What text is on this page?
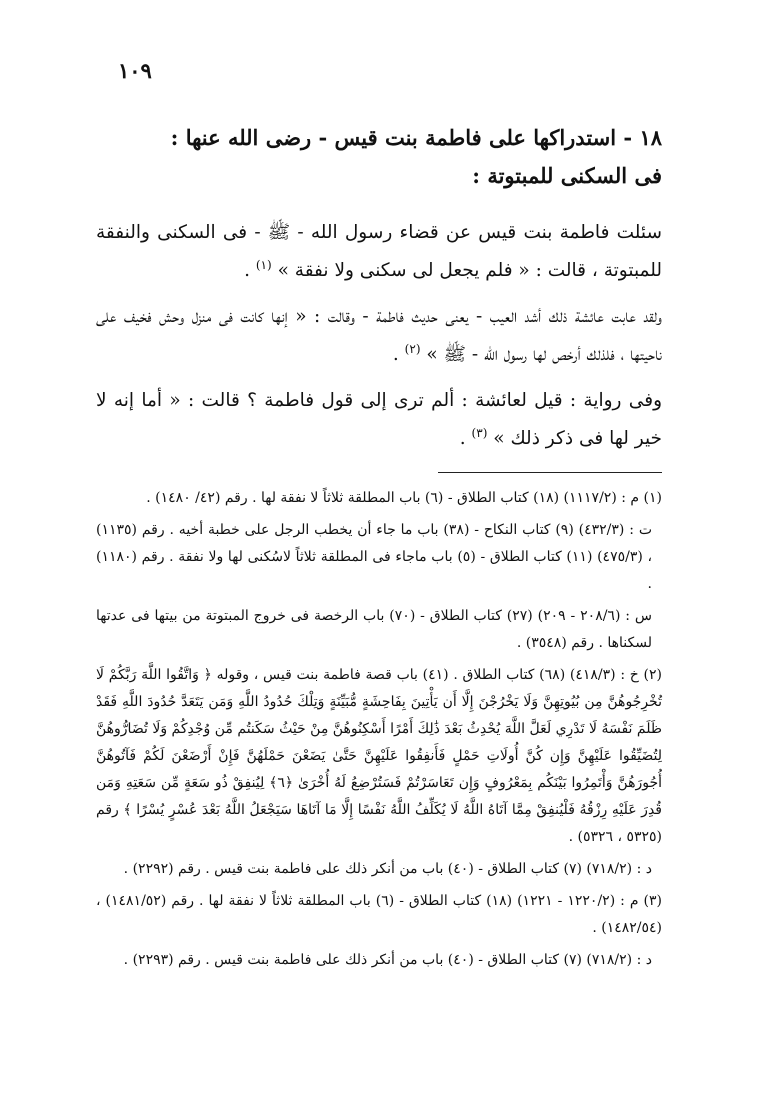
١٠٩

١٨ - استدراكها على فاطمة بنت قيس - رضى الله عنها :

فى السكنى للمبتوتة :

سئلت فاطمة بنت قيس عن قضاء رسول الله - ﷺ - فى السكنى والنفقة للمبتوتة ، قالت : « فلم يجعل لى سكنى ولا نفقة » $^{(١)}$ .

ولقد عابت عائشة ذلك أشد العيب - يعنى حديث فاطمة - وقالت : « إنها كانت فى منزل وحش فخيف على ناحيتها ، فلذلك أرخص لها رسول الله - ﷺ » $^{(٢)}$ .

وفى رواية : قيل لعائشة : ألم ترى إلى قول فاطمة ؟ قالت : « أما إنه لا خير لها فى ذكر ذلك » $^{(٣)}$ .

(١) م : (١١١٧/٢) (١٨) كتاب الطلاق - (٦) باب المطلقة ثلاثاً لا نفقة لها . رقم (٤٢/ ١٤٨٠) .

ت : (٤٣٢/٣) (٩) كتاب النكاح - (٣٨) باب ما جاء أن يخطب الرجل على خطبة أخيه . رقم (١١٣٥) ، (٤٧٥/٣) (١١) كتاب الطلاق - (٥) باب ماجاء فى المطلقة ثلاثاً لاسُكنى لها ولا نفقة . رقم (١١٨٠) .

س : (٢٠٨/٦ - ٢٠٩) (٢٧) كتاب الطلاق - (٧٠) باب الرخصة فى خروج المبتوتة من بيتها فى عدتها لسكناها . رقم (٣٥٤٨) .

(٢) خ : (٤١٨/٣) (٦٨) كتاب الطلاق . (٤١) باب قصة فاطمة بنت قيس ، وقوله ﴿ وَاتَّقُوا اللَّهَ رَبَّكُمْ لَا تُخْرِجُوهُنَّ مِن بُيُوتِهِنَّ وَلَا يَخْرُجْنَ إِلَّا أَن يَأْتِينَ بِفَاحِشَةٍ مُّبَيِّنَةٍ وَتِلْكَ حُدُودُ اللَّهِ وَمَن يَتَعَدَّ حُدُودَ اللَّهِ فَقَدْ ظَلَمَ نَفْسَهُ لَا تَدْرِي لَعَلَّ اللَّهَ يُحْدِثُ بَعْدَ ذَٰلِكَ أَمْرًا أَسْكِنُوهُنَّ مِنْ حَيْثُ سَكَنتُم مِّن وُجْدِكُمْ وَلَا تُضَارُّوهُنَّ لِتُضَيِّقُوا عَلَيْهِنَّ وَإِن كُنَّ أُولَاتِ حَمْلٍ فَأَنفِقُوا عَلَيْهِنَّ حَتَّىٰ يَضَعْنَ حَمْلَهُنَّ فَإِنْ أَرْضَعْنَ لَكُمْ فَآتُوهُنَّ أُجُورَهُنَّ وَأْتَمِرُوا بَيْنَكُم بِمَعْرُوفٍ وَإِن تَعَاسَرْتُمْ فَسَتُرْضِعُ لَهُ أُخْرَىٰ ﴿٦﴾ لِيُنفِقْ ذُو سَعَةٍ مِّن سَعَتِهِ وَمَن قُدِرَ عَلَيْهِ رِزْقُهُ فَلْيُنفِقْ مِمَّا آتَاهُ اللَّهُ لَا يُكَلِّفُ اللَّهُ نَفْسًا إِلَّا مَا آتَاهَا سَيَجْعَلُ اللَّهُ بَعْدَ عُسْرٍ يُسْرًا ﴾ رقم (٥٣٢٥ ، ٥٣٢٦) .

د : (٧١٨/٢) (٧) كتاب الطلاق - (٤٠) باب من أنكر ذلك على فاطمة بنت قيس . رقم (٢٢٩٢) .

(٣) م : (١٢٢٠/٢ - ١٢٢١) (١٨) كتاب الطلاق - (٦) باب المطلقة ثلاثاً لا نفقة لها . رقم (١٤٨١/٥٢) ، (١٤٨٢/٥٤) .

د : (٧١٨/٢) (٧) كتاب الطلاق - (٤٠) باب من أنكر ذلك على فاطمة بنت قيس . رقم (٢٢٩٣) .
